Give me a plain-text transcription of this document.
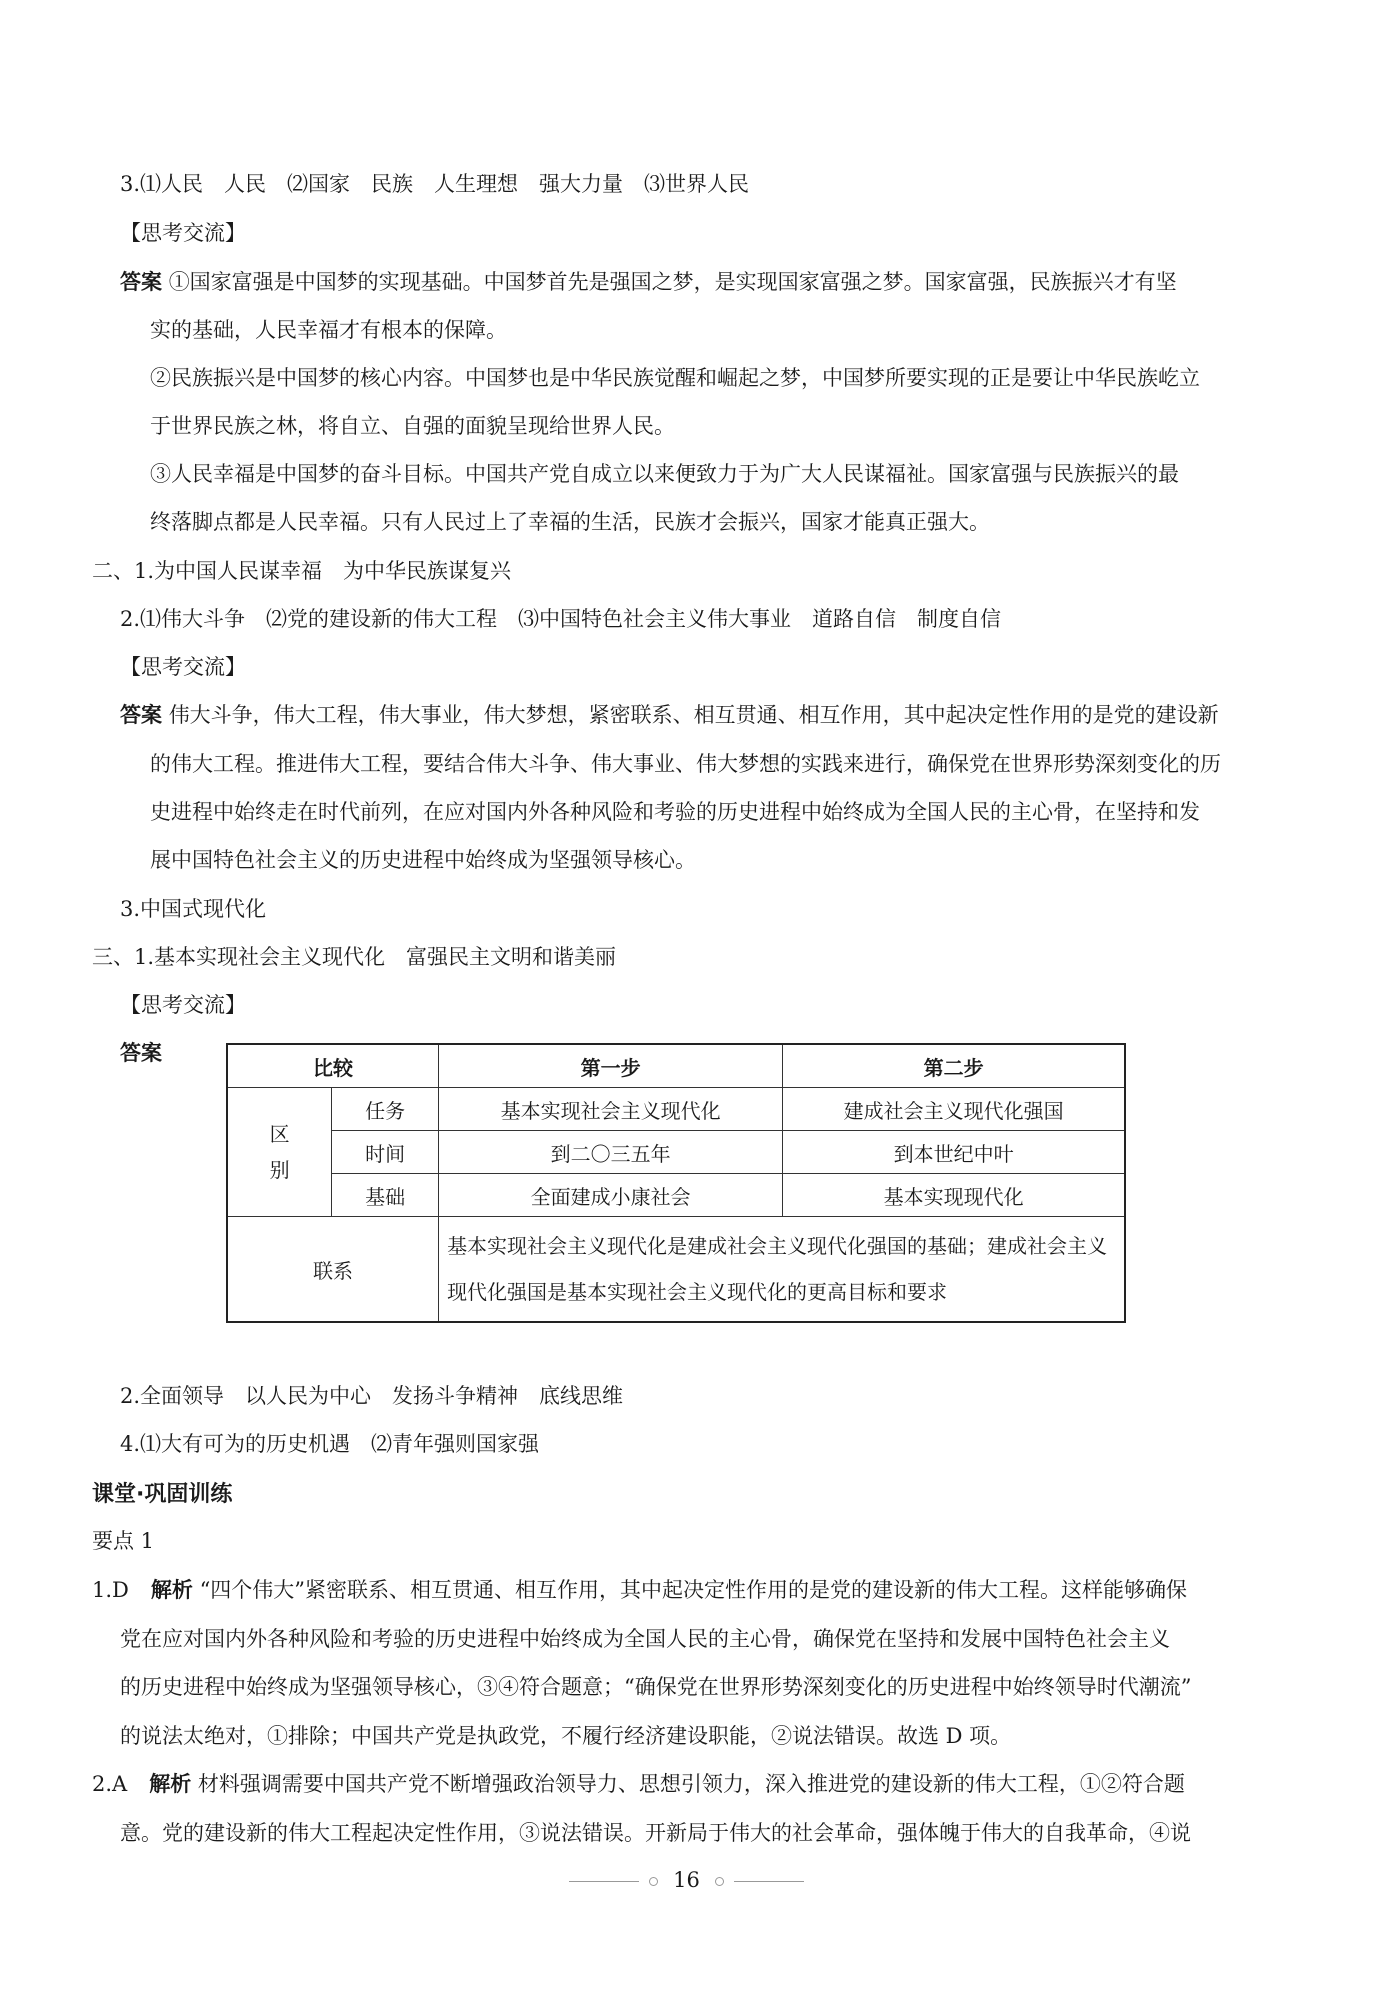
3.⑴人民　人民　⑵国家　民族　人生理想　强大力量　⑶世界人民
【思考交流】
答案 ①国家富强是中国梦的实现基础。中国梦首先是强国之梦，是实现国家富强之梦。国家富强，民族振兴才有坚
实的基础，人民幸福才有根本的保障。
②民族振兴是中国梦的核心内容。中国梦也是中华民族觉醒和崛起之梦，中国梦所要实现的正是要让中华民族屹立
于世界民族之林，将自立、自强的面貌呈现给世界人民。
③人民幸福是中国梦的奋斗目标。中国共产党自成立以来便致力于为广大人民谋福祉。国家富强与民族振兴的最
终落脚点都是人民幸福。只有人民过上了幸福的生活，民族才会振兴，国家才能真正强大。
二、1.为中国人民谋幸福　为中华民族谋复兴
2.⑴伟大斗争　⑵党的建设新的伟大工程　⑶中国特色社会主义伟大事业　道路自信　制度自信
【思考交流】
答案 伟大斗争，伟大工程，伟大事业，伟大梦想，紧密联系、相互贯通、相互作用，其中起决定性作用的是党的建设新
的伟大工程。推进伟大工程，要结合伟大斗争、伟大事业、伟大梦想的实践来进行，确保党在世界形势深刻变化的历
史进程中始终走在时代前列，在应对国内外各种风险和考验的历史进程中始终成为全国人民的主心骨，在坚持和发
展中国特色社会主义的历史进程中始终成为坚强领导核心。
3.中国式现代化
三、1.基本实现社会主义现代化　富强民主文明和谐美丽
【思考交流】
答案
比较		第一步	第二步

区
别	任务	基本实现社会主义现代化	建成社会主义现代化强国
	时间	到二〇三五年	到本世纪中叶
	基础	全面建成小康社会	基本实现现代化
联系		基本实现社会主义现代化是建成社会主义现代化强国的基础；建成社会主义现代化强国是基本实现社会主义现代化的更高目标和要求	
2.全面领导　以人民为中心　发扬斗争精神　底线思维
4.⑴大有可为的历史机遇　⑵青年强则国家强
课堂·巩固训练
要点 1
1.D 解析 “四个伟大”紧密联系、相互贯通、相互作用，其中起决定性作用的是党的建设新的伟大工程。这样能够确保
党在应对国内外各种风险和考验的历史进程中始终成为全国人民的主心骨，确保党在坚持和发展中国特色社会主义
的历史进程中始终成为坚强领导核心，③④符合题意；“确保党在世界形势深刻变化的历史进程中始终领导时代潮流”
的说法太绝对，①排除；中国共产党是执政党，不履行经济建设职能，②说法错误。故选 D 项。
2.A 解析 材料强调需要中国共产党不断增强政治领导力、思想引领力，深入推进党的建设新的伟大工程，①②符合题
意。党的建设新的伟大工程起决定性作用，③说法错误。开新局于伟大的社会革命，强体魄于伟大的自我革命，④说
16
